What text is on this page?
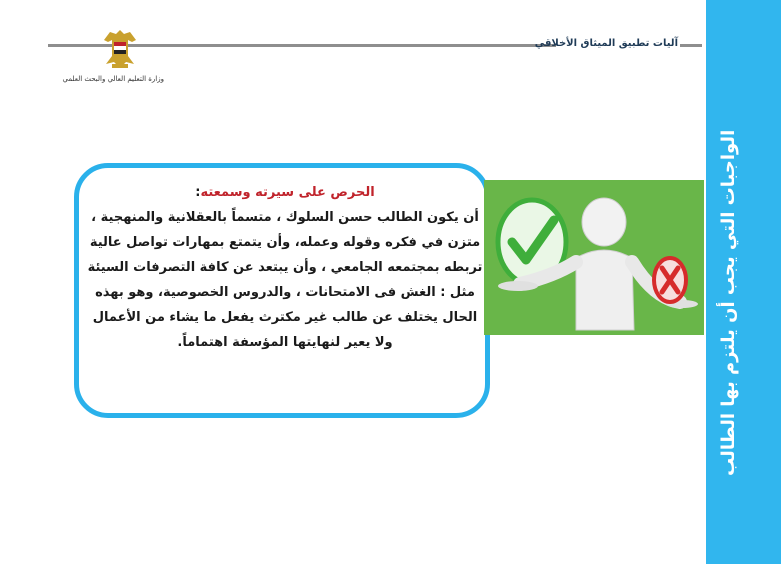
آليات تطبيق الميثاق الأخلاقي
وزارة التعليم العالي والبحث العلمي
الواجبات التي يجب أن يلتزم بها الطالب
الحرص على سيرته وسمعته:
أن يكون الطالب حسن السلوك ، متسماً بالعقلانية والمنهجية ، متزن في فكره وقوله وعمله، وأن يتمتع بمهارات تواصل عالية تربطه بمجتمعه الجامعي ، وأن يبتعد عن كافة التصرفات السيئة مثل : الغش فى الامتحانات ، والدروس الخصوصية، وهو بهذه الحال يختلف عن طالب غير مكترث يفعل ما يشاء من الأعمال ولا يعير لنهايتها المؤسفة اهتماماً.
